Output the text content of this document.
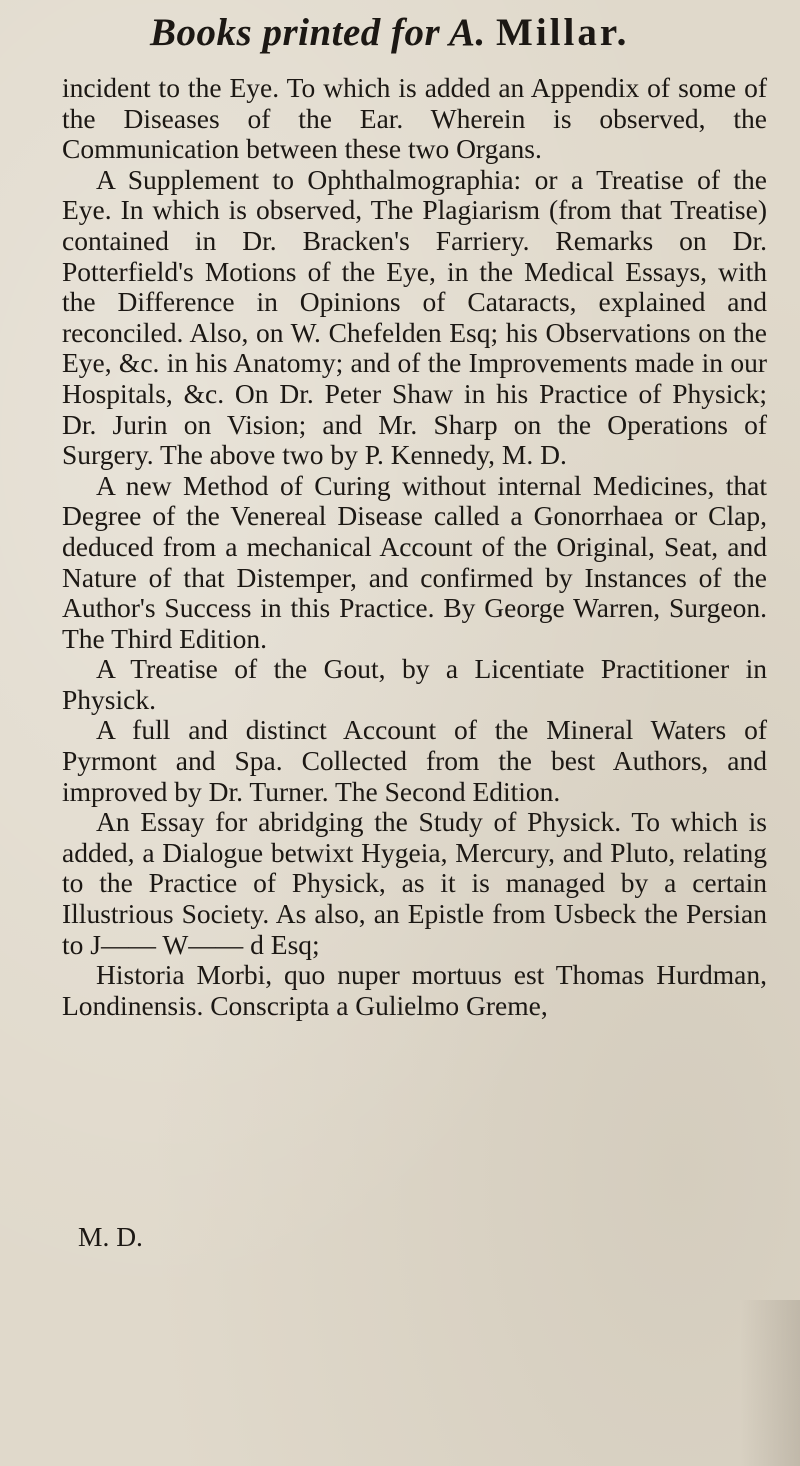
Books printed for A. Millar.

incident to the Eye. To which is added an Appendix of some of the Diseases of the Ear. Wherein is observed, the Communication between these two Organs.

A Supplement to Ophthalmographia: or a Treatise of the Eye. In which is observed, The Plagiarism (from that Treatise) contained in Dr. Bracken's Farriery. Remarks on Dr. Potterfield's Motions of the Eye, in the Medical Essays, with the Difference in Opinions of Cataracts, explained and reconciled. Also, on W. Chefelden Esq; his Observations on the Eye, &c. in his Anatomy; and of the Improvements made in our Hospitals, &c. On Dr. Peter Shaw in his Practice of Physick; Dr. Jurin on Vision; and Mr. Sharp on the Operations of Surgery. The above two by P. Kennedy, M. D.

A new Method of Curing without internal Medicines, that Degree of the Venereal Disease called a Gonorrhaea or Clap, deduced from a mechanical Account of the Original, Seat, and Nature of that Distemper, and confirmed by Instances of the Author's Success in this Practice. By George Warren, Surgeon. The Third Edition.

A Treatise of the Gout, by a Licentiate Practitioner in Physick.

A full and distinct Account of the Mineral Waters of Pyrmont and Spa. Collected from the best Authors, and improved by Dr. Turner. The Second Edition.

An Essay for abridging the Study of Physick. To which is added, a Dialogue betwixt Hygeia, Mercury, and Pluto, relating to the Practice of Physick, as it is managed by a certain Illustrious Society. As also, an Epistle from Usbeck the Persian to J—— W—— d Esq;

Historia Morbi, quo nuper mortuus est Thomas Hurdman, Londinensis. Conscripta a Gulielmo Greme,

M. D.
